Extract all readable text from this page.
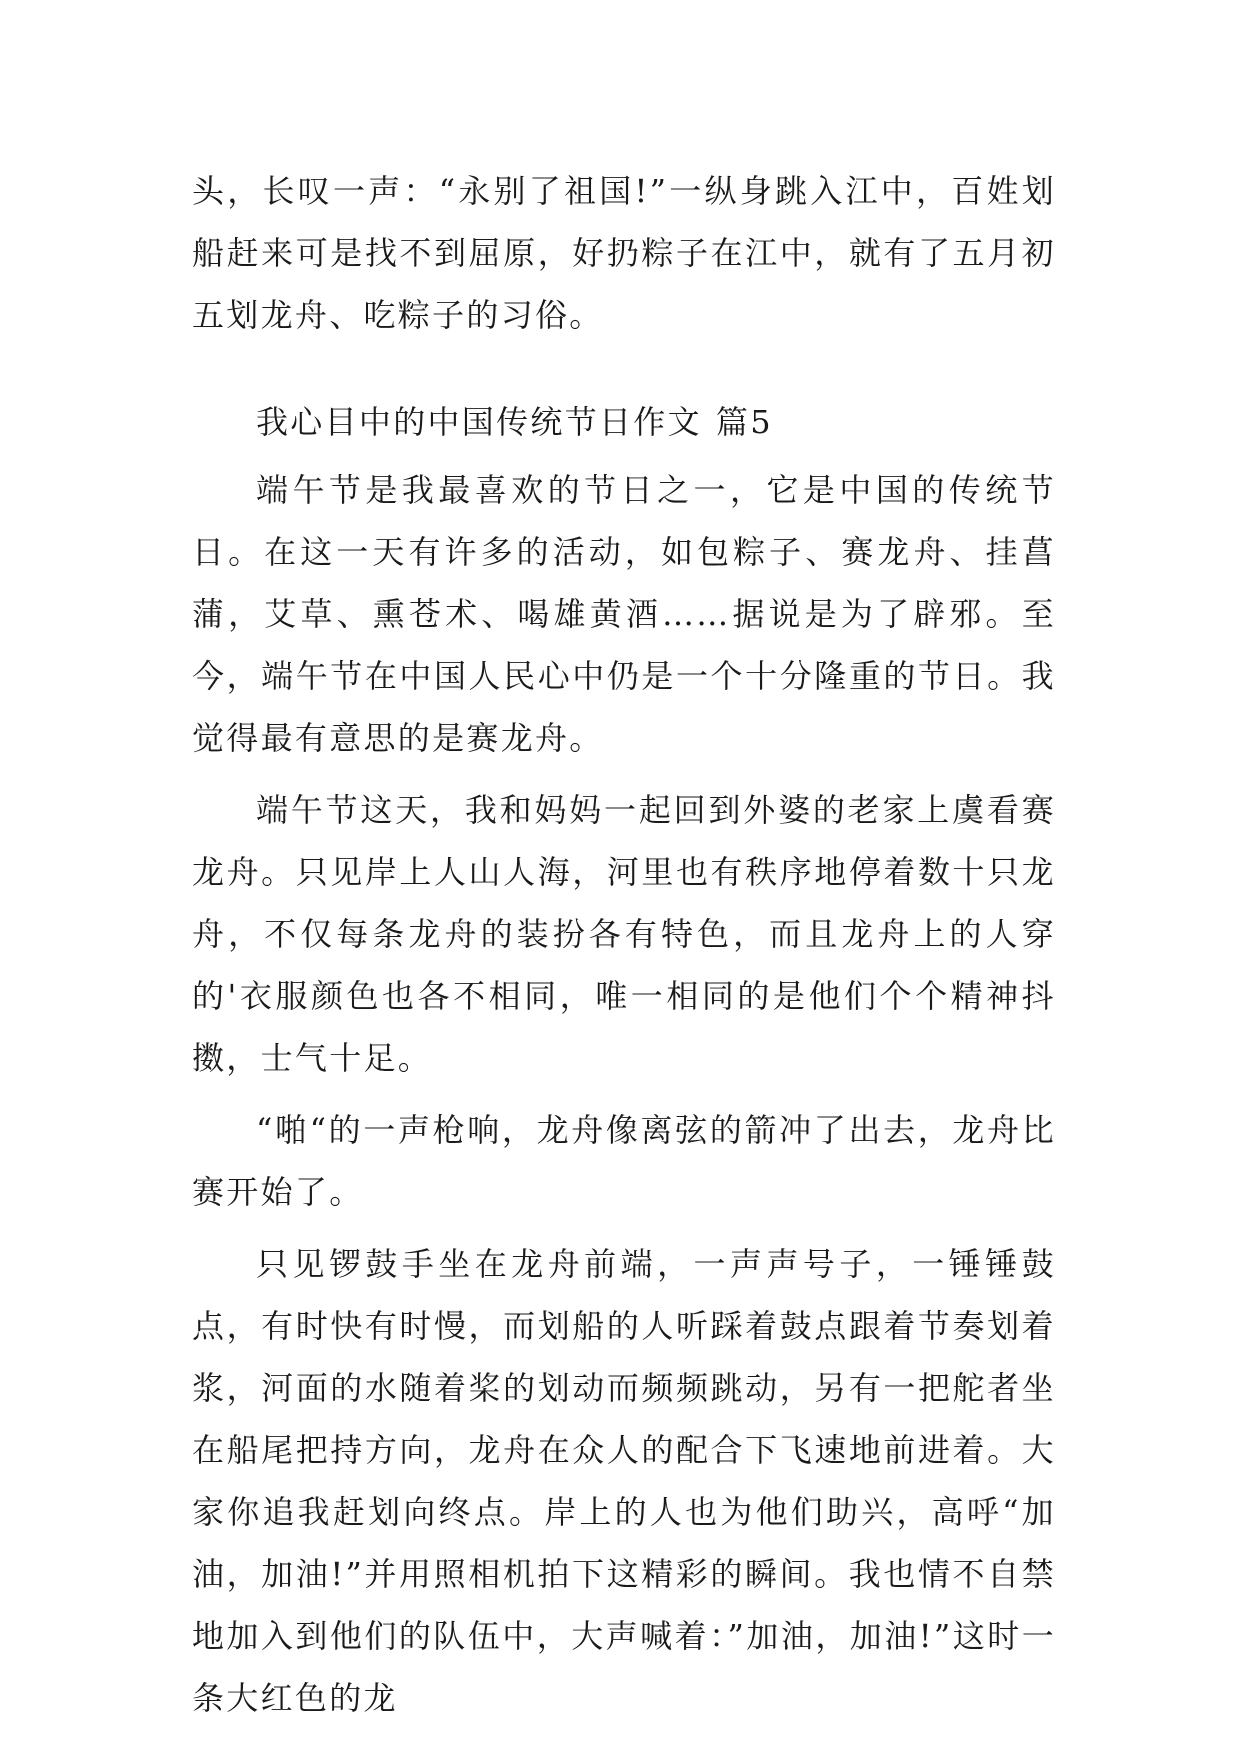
头，长叹一声：“永别了祖国!”一纵身跳入江中，百姓划船赶来可是找不到屈原，好扔粽子在江中，就有了五月初五划龙舟、吃粽子的习俗。

我心目中的中国传统节日作文 篇5

端午节是我最喜欢的节日之一，它是中国的传统节日。在这一天有许多的活动，如包粽子、赛龙舟、挂菖蒲，艾草、熏苍术、喝雄黄酒……据说是为了辟邪。至今，端午节在中国人民心中仍是一个十分隆重的节日。我觉得最有意思的是赛龙舟。

端午节这天，我和妈妈一起回到外婆的老家上虞看赛龙舟。只见岸上人山人海，河里也有秩序地停着数十只龙舟，不仅每条龙舟的装扮各有特色，而且龙舟上的人穿的'衣服颜色也各不相同，唯一相同的是他们个个精神抖擞，士气十足。

“啪“的一声枪响，龙舟像离弦的箭冲了出去，龙舟比赛开始了。

只见锣鼓手坐在龙舟前端，一声声号子，一锤锤鼓点，有时快有时慢，而划船的人听踩着鼓点跟着节奏划着浆，河面的水随着桨的划动而频频跳动，另有一把舵者坐在船尾把持方向，龙舟在众人的配合下飞速地前进着。大家你追我赶划向终点。岸上的人也为他们助兴，高呼“加油，加油!”并用照相机拍下这精彩的瞬间。我也情不自禁地加入到他们的队伍中，大声喊着：”加油，加油!”这时一条大红色的龙
